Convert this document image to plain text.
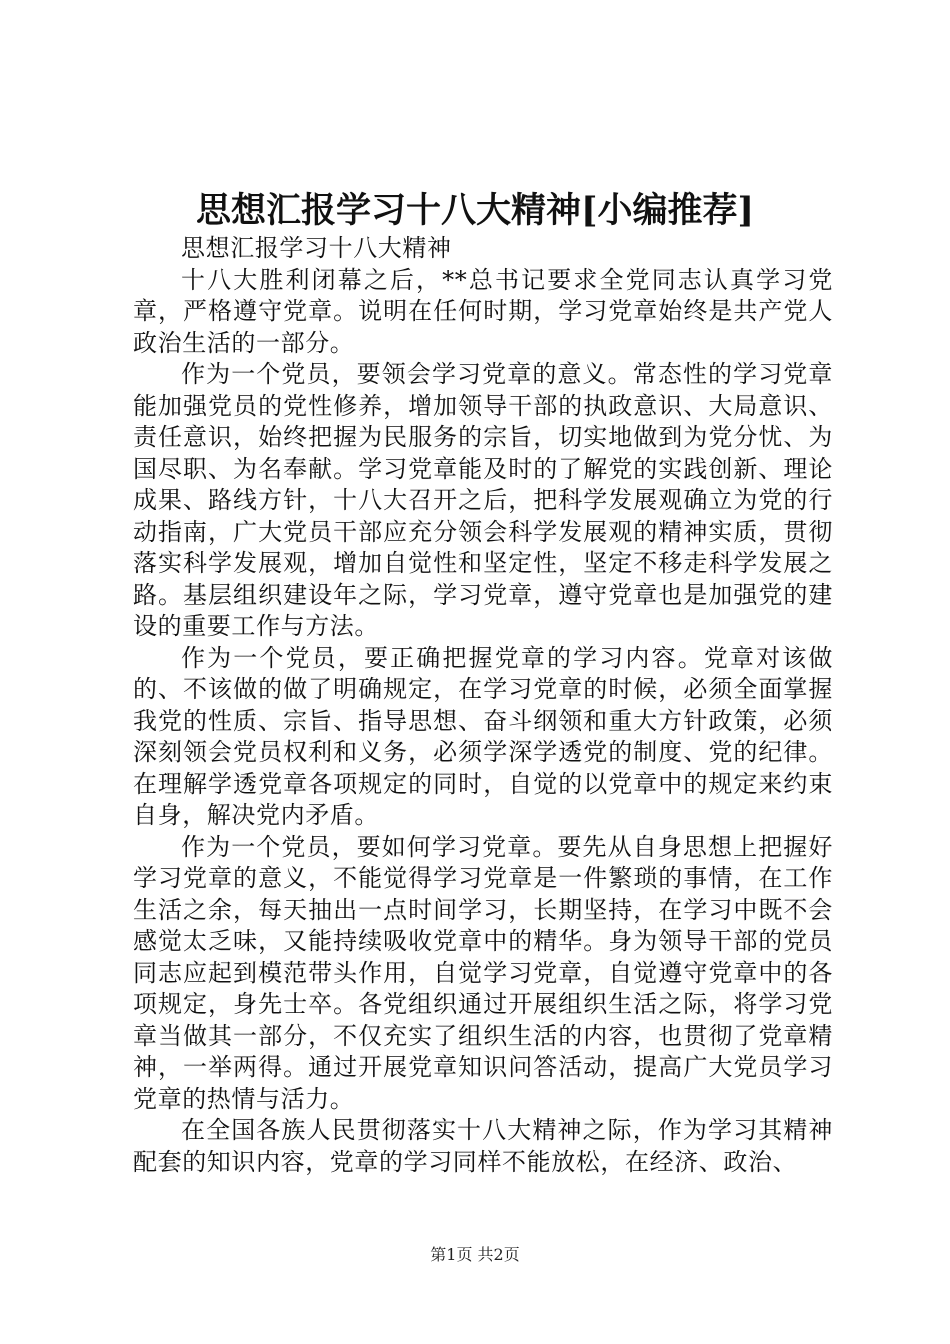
思想汇报学习十八大精神[小编推荐]

思想汇报学习十八大精神

十八大胜利闭幕之后，**总书记要求全党同志认真学习党章，严格遵守党章。说明在任何时期，学习党章始终是共产党人政治生活的一部分。

作为一个党员，要领会学习党章的意义。常态性的学习党章能加强党员的党性修养，增加领导干部的执政意识、大局意识、责任意识，始终把握为民服务的宗旨，切实地做到为党分忧、为国尽职、为名奉献。学习党章能及时的了解党的实践创新、理论成果、路线方针，十八大召开之后，把科学发展观确立为党的行动指南，广大党员干部应充分领会科学发展观的精神实质，贯彻落实科学发展观，增加自觉性和坚定性，坚定不移走科学发展之路。基层组织建设年之际，学习党章，遵守党章也是加强党的建设的重要工作与方法。

作为一个党员，要正确把握党章的学习内容。党章对该做的、不该做的做了明确规定，在学习党章的时候，必须全面掌握我党的性质、宗旨、指导思想、奋斗纲领和重大方针政策，必须深刻领会党员权利和义务，必须学深学透党的制度、党的纪律。在理解学透党章各项规定的同时，自觉的以党章中的规定来约束自身，解决党内矛盾。

作为一个党员，要如何学习党章。要先从自身思想上把握好学习党章的意义，不能觉得学习党章是一件繁琐的事情，在工作生活之余，每天抽出一点时间学习，长期坚持，在学习中既不会感觉太乏味，又能持续吸收党章中的精华。身为领导干部的党员同志应起到模范带头作用，自觉学习党章，自觉遵守党章中的各项规定，身先士卒。各党组织通过开展组织生活之际，将学习党章当做其一部分，不仅充实了组织生活的内容，也贯彻了党章精神，一举两得。通过开展党章知识问答活动，提高广大党员学习党章的热情与活力。

在全国各族人民贯彻落实十八大精神之际，作为学习其精神配套的知识内容，党章的学习同样不能放松，在经济、政治、

第1页 共2页
